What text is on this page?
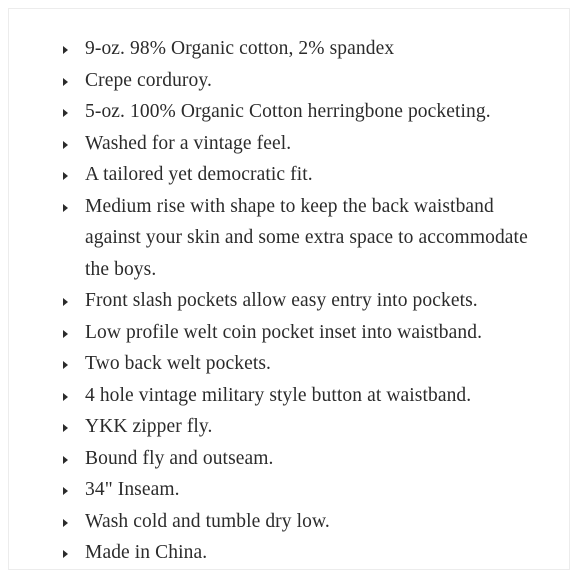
9-oz. 98% Organic cotton, 2% spandex
Crepe corduroy.
5-oz. 100% Organic Cotton herringbone pocketing.
Washed for a vintage feel.
A tailored yet democratic fit.
Medium rise with shape to keep the back waistband against your skin and some extra space to accommodate the boys.
Front slash pockets allow easy entry into pockets.
Low profile welt coin pocket inset into waistband.
Two back welt pockets.
4 hole vintage military style button at waistband.
YKK zipper fly.
Bound fly and outseam.
34" Inseam.
Wash cold and tumble dry low.
Made in China.
